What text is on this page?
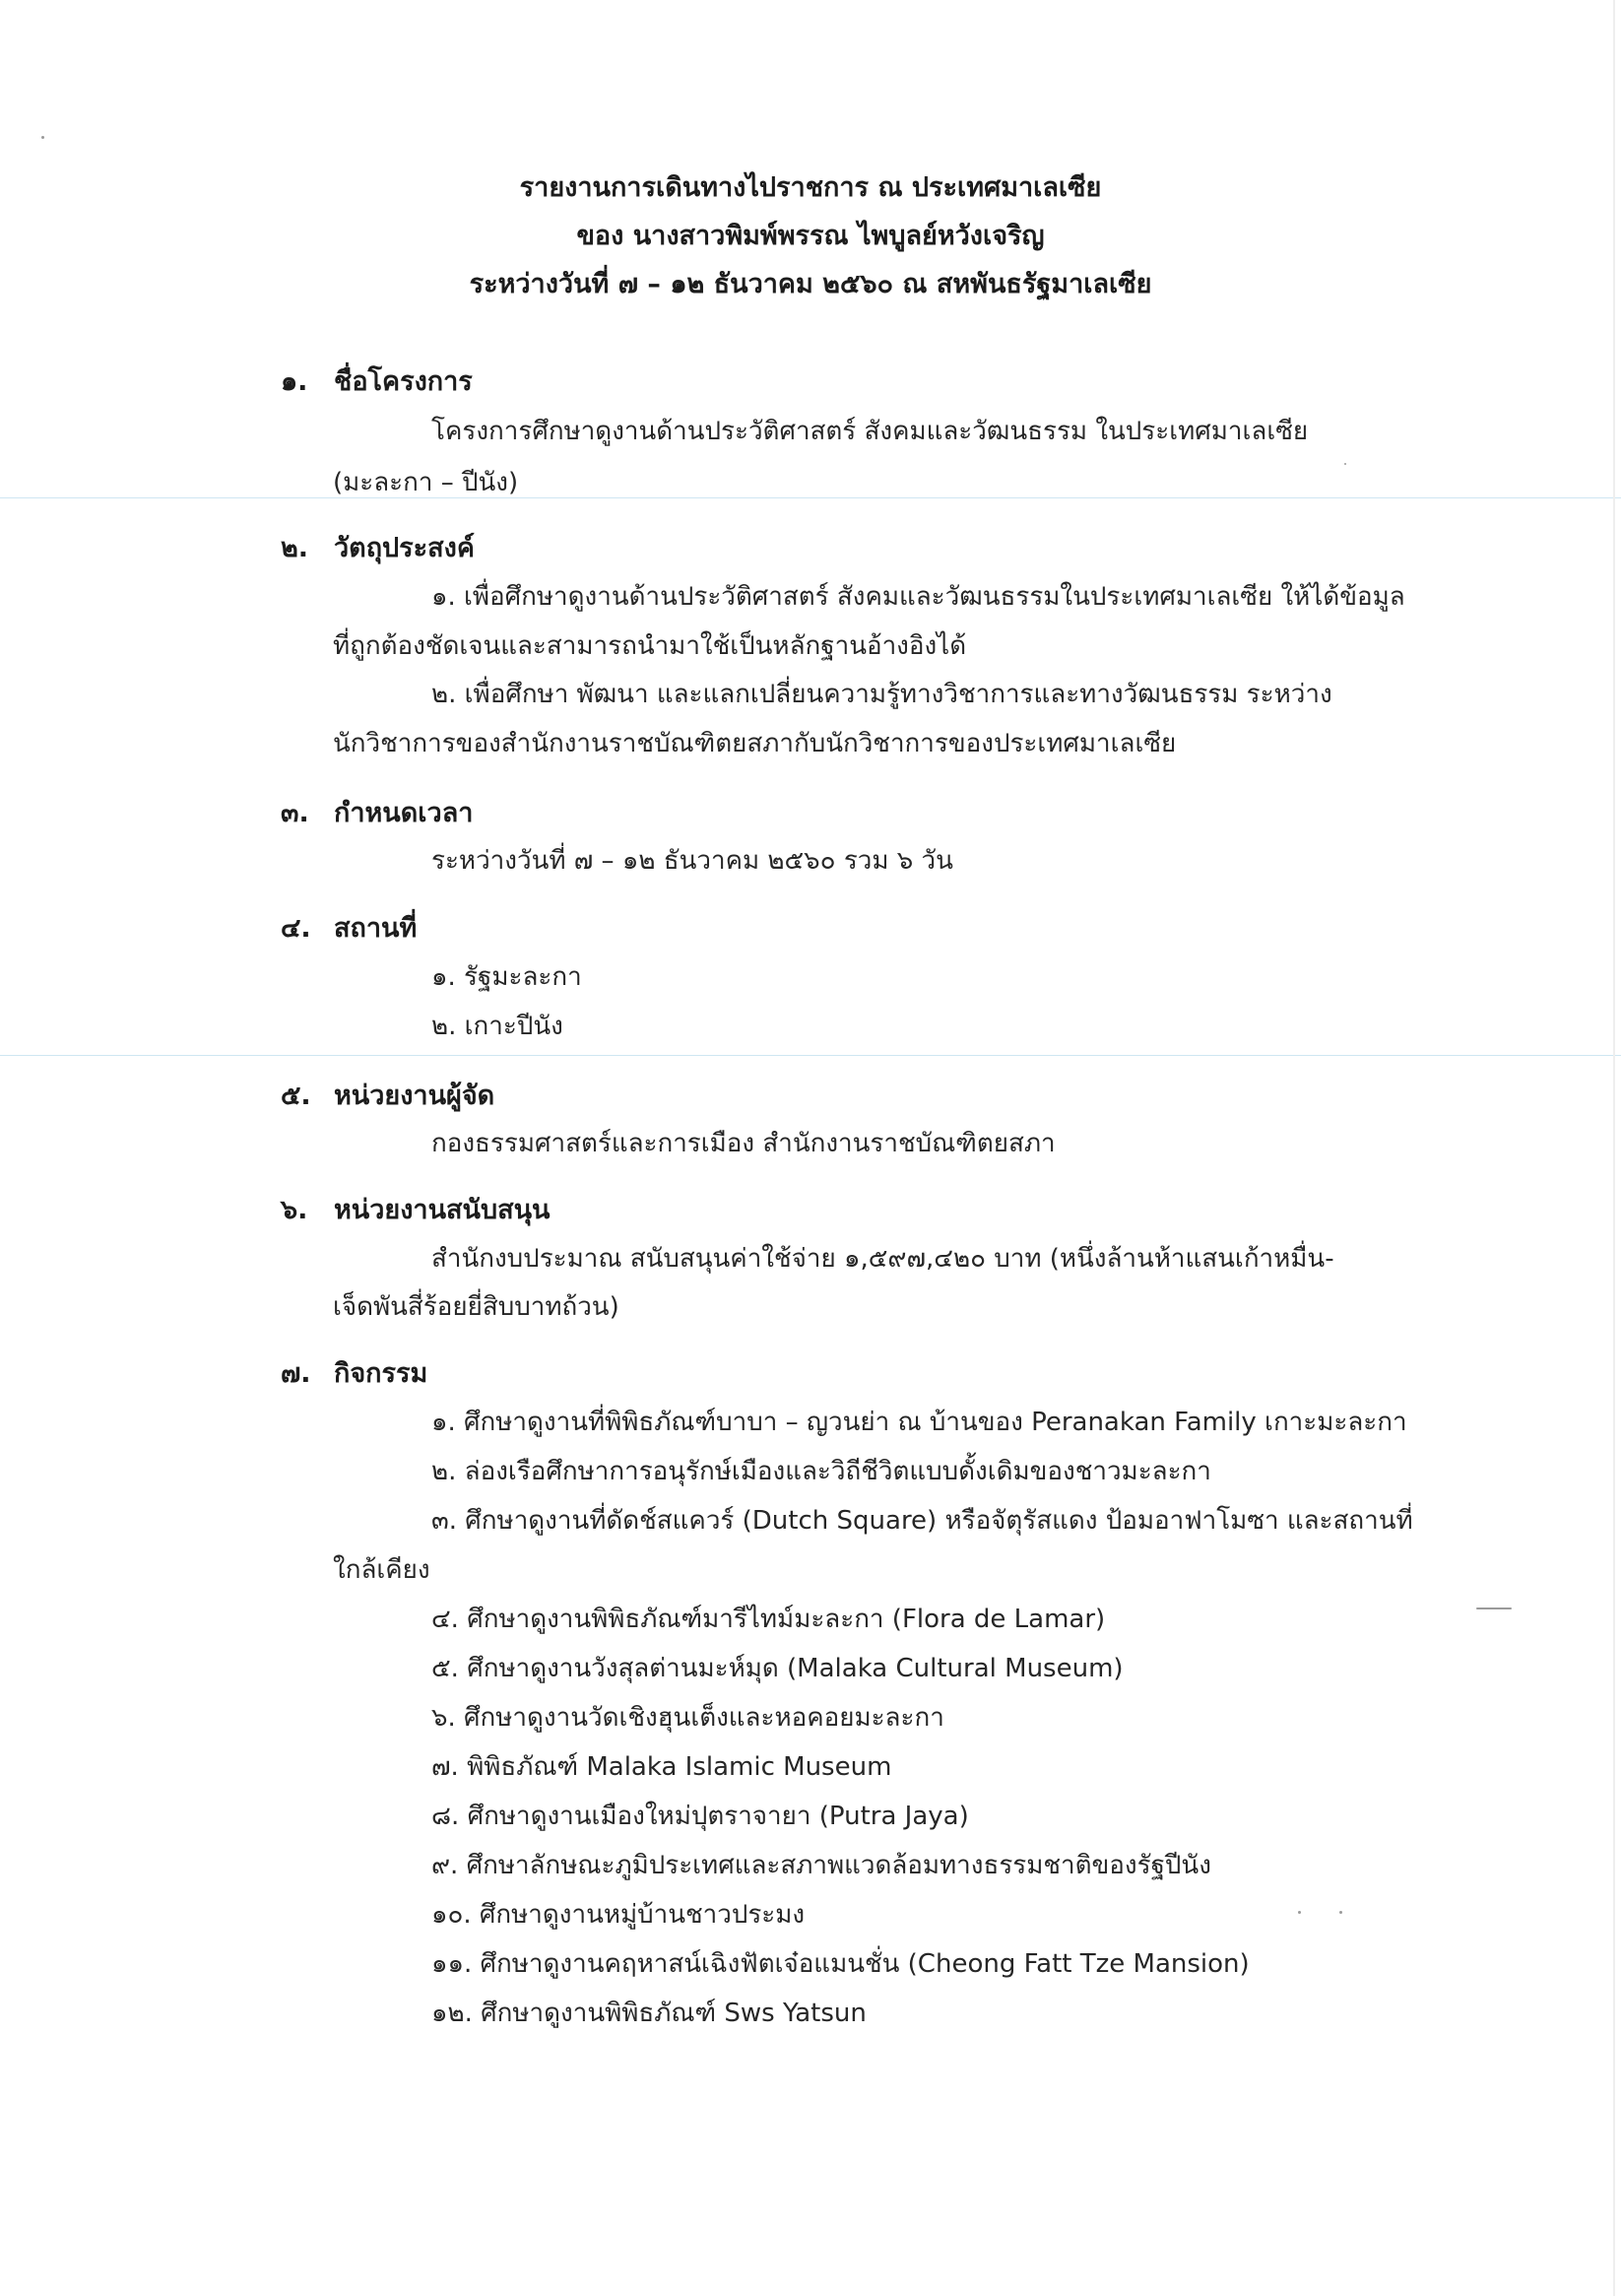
รายงานการเดินทางไปราชการ ณ ประเทศมาเลเซีย
ของ นางสาวพิมพ์พรรณ ไพบูลย์หวังเจริญ
ระหว่างวันที่ ๗ – ๑๒ ธันวาคม ๒๕๖๐ ณ สหพันธรัฐมาเลเซีย
๑. ชื่อโครงการ
โครงการศึกษาดูงานด้านประวัติศาสตร์ สังคมและวัฒนธรรม ในประเทศมาเลเซีย
(มะละกา – ปีนัง)
๒. วัตถุประสงค์
๑. เพื่อศึกษาดูงานด้านประวัติศาสตร์ สังคมและวัฒนธรรมในประเทศมาเลเซีย ให้ได้ข้อมูล
ที่ถูกต้องชัดเจนและสามารถนำมาใช้เป็นหลักฐานอ้างอิงได้
๒. เพื่อศึกษา พัฒนา และแลกเปลี่ยนความรู้ทางวิชาการและทางวัฒนธรรม ระหว่าง
นักวิชาการของสำนักงานราชบัณฑิตยสภากับนักวิชาการของประเทศมาเลเซีย
๓. กำหนดเวลา
ระหว่างวันที่ ๗ – ๑๒ ธันวาคม ๒๕๖๐ รวม ๖ วัน
๔. สถานที่
๑. รัฐมะละกา
๒. เกาะปีนัง
๕. หน่วยงานผู้จัด
กองธรรมศาสตร์และการเมือง สำนักงานราชบัณฑิตยสภา
๖. หน่วยงานสนับสนุน
สำนักงบประมาณ สนับสนุนค่าใช้จ่าย ๑,๕๙๗,๔๒๐ บาท (หนึ่งล้านห้าแสนเก้าหมื่น-
เจ็ดพันสี่ร้อยยี่สิบบาทถ้วน)
๗. กิจกรรม
๑. ศึกษาดูงานที่พิพิธภัณฑ์บาบา – ญวนย่า ณ บ้านของ Peranakan Family เกาะมะละกา
๒. ล่องเรือศึกษาการอนุรักษ์เมืองและวิถีชีวิตแบบดั้งเดิมของชาวมะละกา
๓. ศึกษาดูงานที่ดัดช์สแควร์ (Dutch Square) หรือจัตุรัสแดง ป้อมอาฟาโมซา และสถานที่
ใกล้เคียง
๔. ศึกษาดูงานพิพิธภัณฑ์มารีไทม์มะละกา (Flora de Lamar)
๕. ศึกษาดูงานวังสุลต่านมะห์มุด (Malaka Cultural Museum)
๖. ศึกษาดูงานวัดเชิงฮุนเต็งและหอคอยมะละกา
๗. พิพิธภัณฑ์ Malaka Islamic Museum
๘. ศึกษาดูงานเมืองใหม่ปุตราจายา (Putra Jaya)
๙. ศึกษาลักษณะภูมิประเทศและสภาพแวดล้อมทางธรรมชาติของรัฐปีนัง
๑๐. ศึกษาดูงานหมู่บ้านชาวประมง
๑๑. ศึกษาดูงานคฤหาสน์เฉิงฟัตเจ๋อแมนชั่น (Cheong Fatt Tze Mansion)
๑๒. ศึกษาดูงานพิพิธภัณฑ์ Sws Yatsun
